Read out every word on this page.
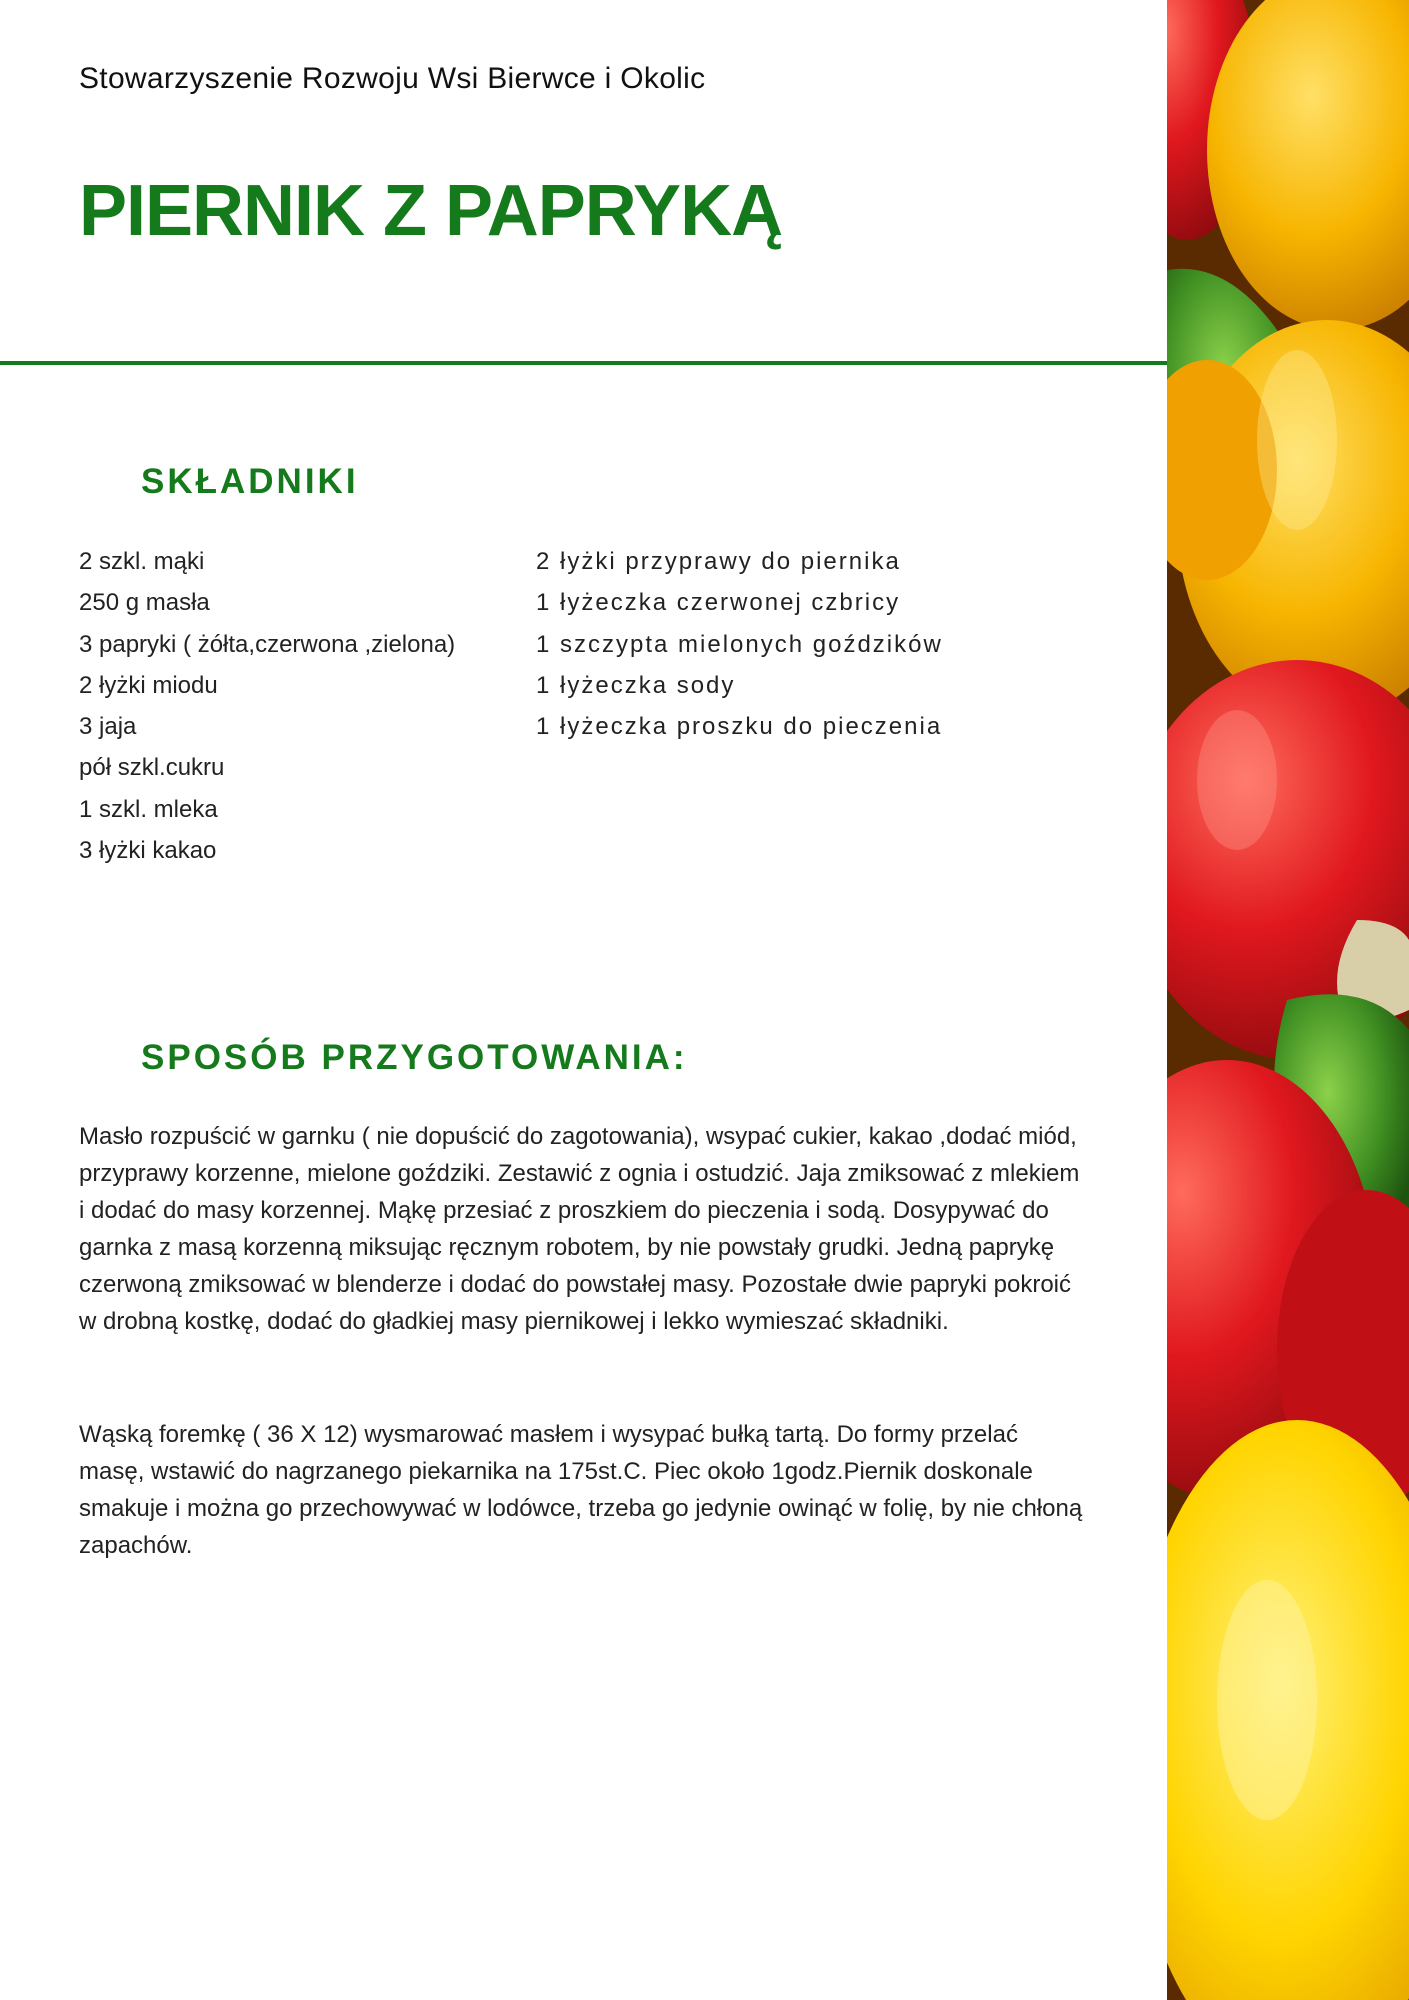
Stowarzyszenie Rozwoju Wsi Bierwce i Okolic
PIERNIK Z PAPRYKĄ
SKŁADNIKI
2 szkl. mąki
250 g masła
3 papryki ( żółta,czerwona ,zielona)
2 łyżki miodu
3 jaja
pół szkl.cukru
1 szkl. mleka
3 łyżki kakao
2 łyżki przyprawy do piernika
1 łyżeczka czerwonej czbricy
1 szczypta mielonych goździków
1 łyżeczka sody
1 łyżeczka proszku do pieczenia
SPOSÓB PRZYGOTOWANIA:

Masło rozpuścić w garnku ( nie dopuścić do zagotowania), wsypać cukier, kakao ,dodać miód, przyprawy korzenne, mielone goździki. Zestawić z ognia i ostudzić. Jaja zmiksować z mlekiem i dodać do masy korzennej. Mąkę przesiać z proszkiem do pieczenia i sodą. Dosypywać do garnka z masą korzenną miksując ręcznym robotem, by nie powstały grudki. Jedną paprykę czerwoną zmiksować w blenderze i dodać do powstałej masy. Pozostałe dwie papryki pokroić w drobną kostkę, dodać do gładkiej masy piernikowej i lekko wymieszać składniki.

Wąską foremkę ( 36 X 12) wysmarować masłem i wysypać bułką tartą. Do formy przelać masę, wstawić do nagrzanego piekarnika na 175st.C. Piec około 1godz.Piernik doskonale smakuje i można go przechowywać w lodówce, trzeba go jedynie owinąć w folię, by nie chłoną zapachów.
